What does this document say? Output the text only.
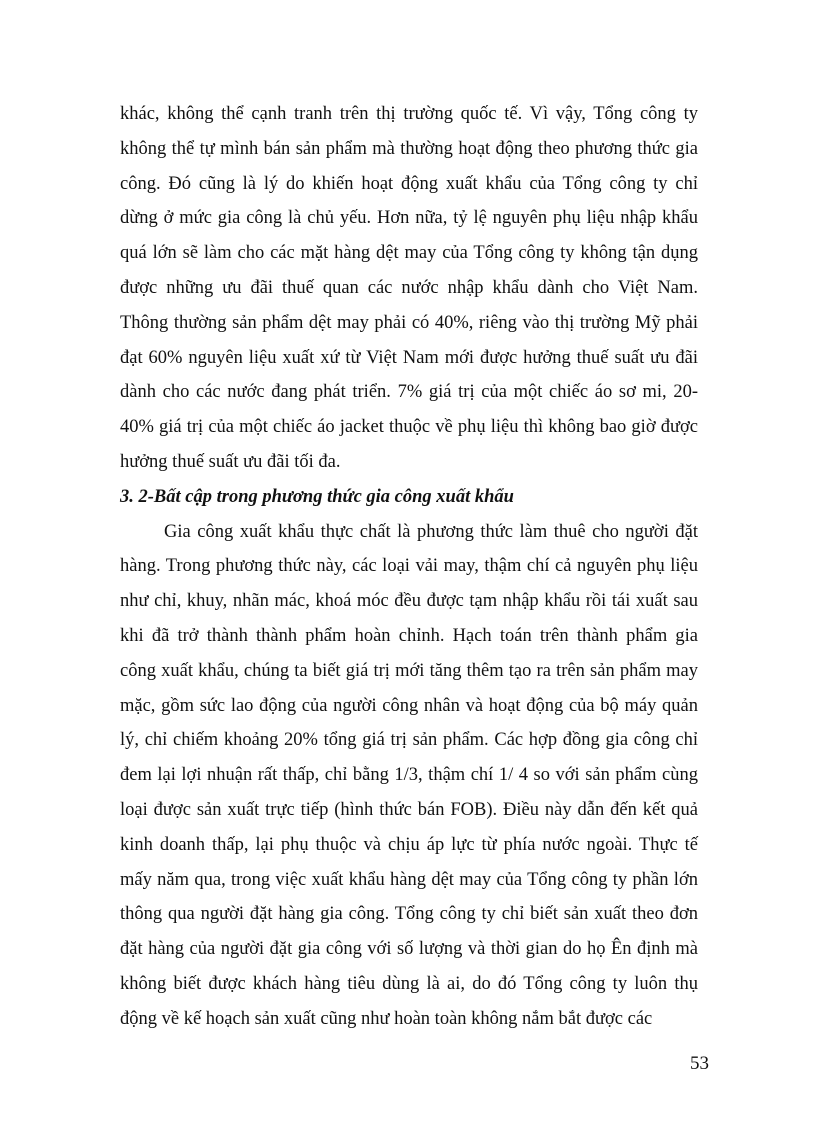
khác, không thể cạnh tranh trên thị trường quốc tế. Vì vậy, Tổng công ty
không thể tự mình bán sản phẩm mà thường hoạt động theo phương thức gia
công. Đó cũng là lý do khiến hoạt động xuất khẩu của Tổng công ty chỉ
dừng ở mức gia công là chủ yếu. Hơn nữa, tỷ lệ nguyên phụ liệu nhập khẩu
quá lớn sẽ làm cho các mặt hàng dệt may của Tổng công ty không tận dụng
được những ưu đãi thuế quan các nước nhập khẩu dành cho Việt Nam.
Thông thường sản phẩm dệt may phải có 40%, riêng vào thị trường Mỹ phải
đạt 60% nguyên liệu xuất xứ từ Việt Nam mới được hưởng thuế suất ưu đãi
dành cho các nước đang phát triển. 7% giá trị của một chiếc áo sơ mi, 20-
40% giá trị của một chiếc áo jacket thuộc về phụ liệu thì không bao giờ được
hưởng thuế suất ưu đãi tối đa.
3. 2-Bất cập trong phương thức gia công xuất khẩu
Gia công xuất khẩu thực chất là phương thức làm thuê cho người đặt
hàng. Trong phương thức này, các loại vải may, thậm chí cả nguyên phụ liệu
như chỉ, khuy, nhãn mác, khoá móc đều được tạm nhập khẩu rồi tái xuất sau
khi đã trở thành thành phẩm hoàn chỉnh. Hạch toán trên thành phẩm gia
công xuất khẩu, chúng ta biết giá trị mới tăng thêm tạo ra trên sản phẩm may
mặc, gồm sức lao động của người công nhân và hoạt động của bộ máy quản
lý, chỉ chiếm khoảng 20% tổng giá trị sản phẩm. Các hợp đồng gia công chỉ
đem lại lợi nhuận rất thấp, chỉ bằng 1/3, thậm chí 1/ 4 so với sản phẩm cùng
loại được sản xuất trực tiếp (hình thức bán FOB). Điều này dẫn đến kết quả
kinh doanh thấp, lại phụ thuộc và chịu áp lực từ phía nước ngoài. Thực tế
mấy năm qua, trong việc xuất khẩu hàng dệt may của Tổng công ty phần lớn
thông qua người đặt hàng gia công. Tổng công ty chỉ biết sản xuất theo đơn
đặt hàng của người đặt gia công với số lượng và thời gian do họ Ên định mà
không biết được khách hàng tiêu dùng là ai, do đó Tổng công ty luôn thụ
động về kế hoạch sản xuất cũng như hoàn toàn không nắm bắt được các
53
